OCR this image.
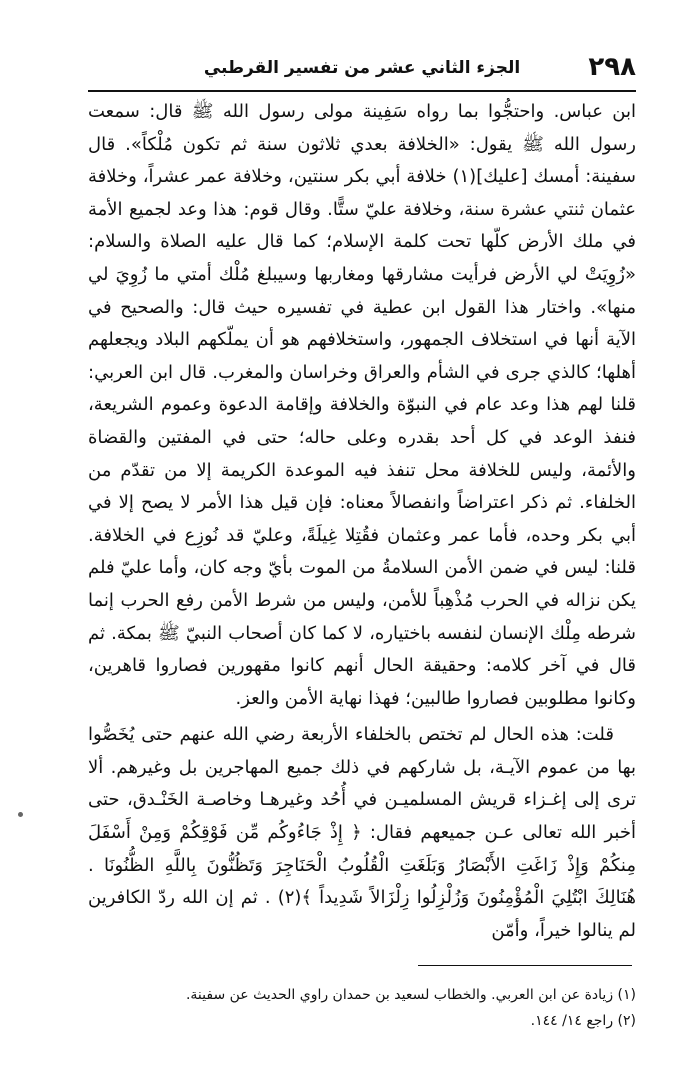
٢٩٨
الجزء الثاني عشر من تفسير القرطبي

ابن عباس. واحتجُّوا بما رواه سَفِينة مولى رسول الله ﷺ قال: سمعت رسول الله ﷺ يقول: «الخلافة بعدي ثلاثون سنة ثم تكون مُلْكاً». قال سفينة: أمسك [عليك](١) خلافة أبي بكر سنتين، وخلافة عمر عشراً، وخلافة عثمان ثنتي عشرة سنة، وخلافة عليّ ستًّا. وقال قوم: هذا وعد لجميع الأمة في ملك الأرض كلّها تحت كلمة الإسلام؛ كما قال عليه الصلاة والسلام: «زُوِيَتْ لي الأرض فرأيت مشارقها ومغاربها وسيبلغ مُلْك أمتي ما زُوِيَ لي منها». واختار هذا القول ابن عطية في تفسيره حيث قال: والصحيح في الآية أنها في استخلاف الجمهور، واستخلافهم هو أن يملّكهم البلاد ويجعلهم أهلها؛ كالذي جرى في الشأم والعراق وخراسان والمغرب. قال ابن العربي: قلنا لهم هذا وعد عام في النبوّة والخلافة وإقامة الدعوة وعموم الشريعة، فنفذ الوعد في كل أحد بقدره وعلى حاله؛ حتى في المفتين والقضاة والأئمة، وليس للخلافة محل تنفذ فيه الموعدة الكريمة إلا من تقدّم من الخلفاء. ثم ذكر اعتراضاً وانفصالاً معناه: فإن قيل هذا الأمر لا يصح إلا في أبي بكر وحده، فأما عمر وعثمان فقُتِلا غِيلَةً، وعليّ قد نُوزِع في الخلافة. قلنا: ليس في ضمن الأمن السلامةُ من الموت بأيّ وجه كان، وأما عليّ فلم يكن نزاله في الحرب مُذْهِباً للأمن، وليس من شرط الأمن رفع الحرب إنما شرطه مِلْك الإنسان لنفسه باختياره، لا كما كان أصحاب النبيّ ﷺ بمكة. ثم قال في آخر كلامه: وحقيقة الحال أنهم كانوا مقهورين فصاروا قاهرين، وكانوا مطلوبين فصاروا طالبين؛ فهذا نهاية الأمن والعز.

قلت: هذه الحال لم تختص بالخلفاء الأربعة رضي الله عنهم حتى يُخَصُّوا بها من عموم الآيـة، بل شاركهم في ذلك جميع المهاجرين بل وغيرهم. ألا ترى إلى إغـزاء قريش المسلميـن في أُحُد وغيرهـا وخاصـة الخَنْـدق، حتى أخبر الله تعالى عـن جميعهم فقال: ﴿ إِذْ جَاءُوكُم مِّن فَوْقِكُمْ وَمِنْ أَسْفَلَ مِنكُمْ وَإِذْ زَاغَتِ الأَبْصَارُ وَبَلَغَتِ الْقُلُوبُ الْحَنَاجِرَ وَتَظُنُّونَ بِاللَّهِ الظُّنُونَا . هُنَالِكَ ابْتُلِيَ الْمُؤْمِنُونَ وَزُلْزِلُوا زِلْزَالاً شَدِيداً ﴾(٢) . ثم إن الله ردّ الكافرين لم ينالوا خيراً، وأمّن

(١) زيادة عن ابن العربي. والخطاب لسعيد بن حمدان راوي الحديث عن سفينة.

(٢) راجع ١٤/ ١٤٤.
